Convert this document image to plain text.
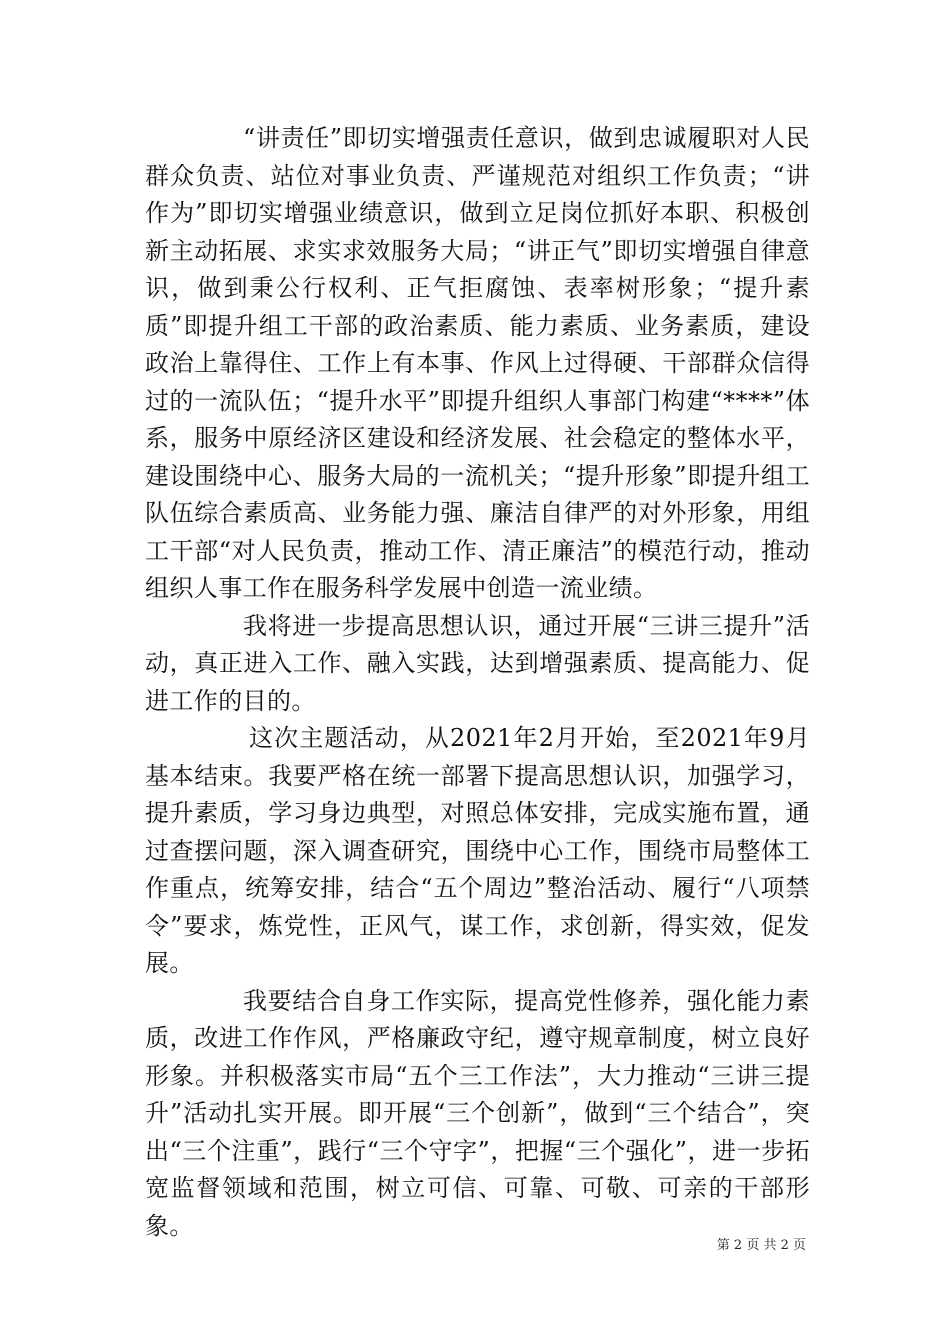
“讲责任”即切实增强责任意识，做到忠诚履职对人民群众负责、站位对事业负责、严谨规范对组织工作负责；“讲作为”即切实增强业绩意识，做到立足岗位抓好本职、积极创新主动拓展、求实求效服务大局；“讲正气”即切实增强自律意识，做到秉公行权利、正气拒腐蚀、表率树形象；“提升素质”即提升组工干部的政治素质、能力素质、业务素质，建设政治上靠得住、工作上有本事、作风上过得硬、干部群众信得过的一流队伍；“提升水平”即提升组织人事部门构建“****”体系，服务中原经济区建设和经济发展、社会稳定的整体水平，建设围绕中心、服务大局的一流机关；“提升形象”即提升组工队伍综合素质高、业务能力强、廉洁自律严的对外形象，用组工干部“对人民负责，推动工作、清正廉洁”的模范行动，推动组织人事工作在服务科学发展中创造一流业绩。

我将进一步提高思想认识，通过开展“三讲三提升”活动，真正进入工作、融入实践，达到增强素质、提高能力、促进工作的目的。

这次主题活动，从2021年2月开始，至2021年9月基本结束。我要严格在统一部署下提高思想认识，加强学习，提升素质，学习身边典型，对照总体安排，完成实施布置，通过查摆问题，深入调查研究，围绕中心工作，围绕市局整体工作重点，统筹安排，结合“五个周边”整治活动、履行“八项禁令”要求，炼党性，正风气，谋工作，求创新，得实效，促发展。

我要结合自身工作实际，提高党性修养，强化能力素质，改进工作作风，严格廉政守纪，遵守规章制度，树立良好形象。并积极落实市局“五个三工作法”，大力推动“三讲三提升”活动扎实开展。即开展“三个创新”，做到“三个结合”，突出“三个注重”，践行“三个守字”，把握“三个强化”，进一步拓宽监督领域和范围，树立可信、可靠、可敬、可亲的干部形象。

第 2 页 共 2 页
